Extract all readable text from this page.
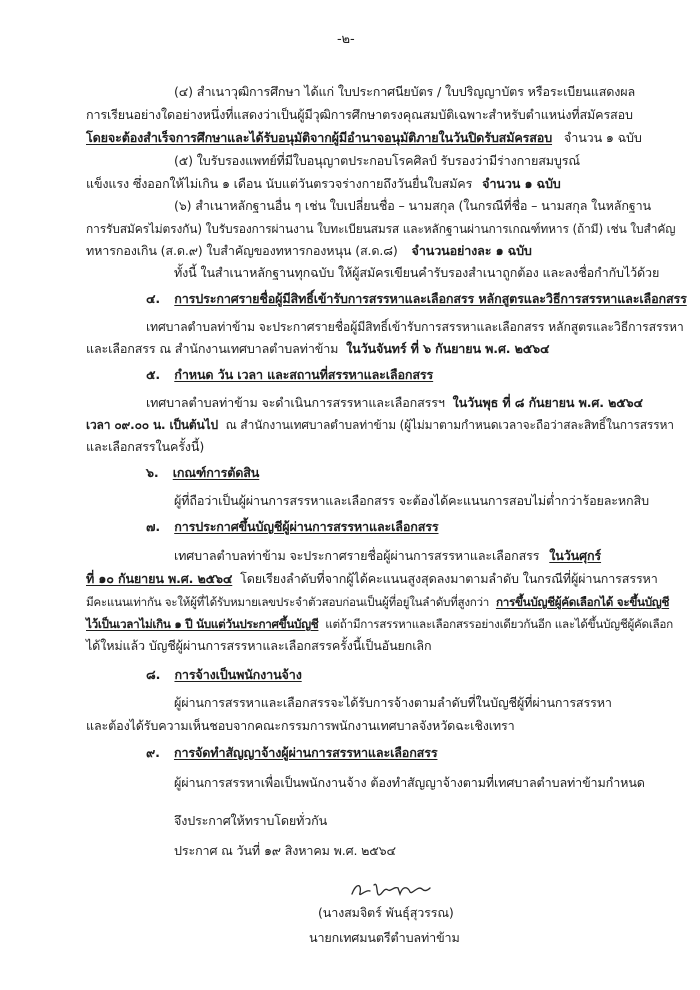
-๒-
(๔) สำเนาวุฒิการศึกษา ได้แก่ ใบประกาศนียบัตร / ใบปริญญาบัตร หรือระเบียนแสดงผล
การเรียนอย่างใดอย่างหนึ่งที่แสดงว่าเป็นผู้มีวุฒิการศึกษาตรงคุณสมบัติเฉพาะสำหรับตำแหน่งที่สมัครสอบ
โดยจะต้องสำเร็จการศึกษาและได้รับอนุมัติจากผู้มีอำนาจอนุมัติภายในวันปิดรับสมัครสอบ จำนวน ๑ ฉบับ
(๕) ใบรับรองแพทย์ที่มีใบอนุญาตประกอบโรคศิลป์ รับรองว่ามีร่างกายสมบูรณ์
แข็งแรง ซึ่งออกให้ไม่เกิน ๑ เดือน นับแต่วันตรวจร่างกายถึงวันยื่นใบสมัคร จำนวน ๑ ฉบับ
(๖) สำเนาหลักฐานอื่น ๆ เช่น ใบเปลี่ยนชื่อ – นามสกุล (ในกรณีที่ชื่อ – นามสกุล ในหลักฐาน
การรับสมัครไม่ตรงกัน) ใบรับรองการผ่านงาน ใบทะเบียนสมรส และหลักฐานผ่านการเกณฑ์ทหาร (ถ้ามี) เช่น ใบสำคัญ
ทหารกองเกิน (ส.ด.๙) ใบสำคัญของทหารกองหนุน (ส.ด.๘) จำนวนอย่างละ ๑ ฉบับ
ทั้งนี้ ในสำเนาหลักฐานทุกฉบับ ให้ผู้สมัครเขียนคำรับรองสำเนาถูกต้อง และลงชื่อกำกับไว้ด้วย
๔. การประกาศรายชื่อผู้มีสิทธิ์เข้ารับการสรรหาและเลือกสรร หลักสูตรและวิธีการสรรหาและเลือกสรร
เทศบาลตำบลท่าข้าม จะประกาศรายชื่อผู้มีสิทธิ์เข้ารับการสรรหาและเลือกสรร หลักสูตรและวิธีการสรรหา
และเลือกสรร ณ สำนักงานเทศบาลตำบลท่าข้าม ในวันจันทร์ ที่ ๖ กันยายน พ.ศ. ๒๕๖๔
๕. กำหนด วัน เวลา และสถานที่สรรหาและเลือกสรร
เทศบาลตำบลท่าข้าม จะดำเนินการสรรหาและเลือกสรรฯ ในวันพุธ ที่ ๘ กันยายน พ.ศ. ๒๕๖๔
เวลา ๐๙.๐๐ น. เป็นต้นไป ณ สำนักงานเทศบาลตำบลท่าข้าม (ผู้ไม่มาตามกำหนดเวลาจะถือว่าสละสิทธิ์ในการสรรหา
และเลือกสรรในครั้งนี้)
๖. เกณฑ์การตัดสิน
ผู้ที่ถือว่าเป็นผู้ผ่านการสรรหาและเลือกสรร จะต้องได้คะแนนการสอบไม่ต่ำกว่าร้อยละหกสิบ
๗. การประกาศขึ้นบัญชีผู้ผ่านการสรรหาและเลือกสรร
เทศบาลตำบลท่าข้าม จะประกาศรายชื่อผู้ผ่านการสรรหาและเลือกสรร ในวันศุกร์
ที่ ๑๐ กันยายน พ.ศ. ๒๕๖๔ โดยเรียงลำดับที่จากผู้ได้คะแนนสูงสุดลงมาตามลำดับ ในกรณีที่ผู้ผ่านการสรรหา
มีคะแนนเท่ากัน จะให้ผู้ที่ได้รับหมายเลขประจำตัวสอบก่อนเป็นผู้ที่อยู่ในลำดับที่สูงกว่า การขึ้นบัญชีผู้คัดเลือกได้ จะขึ้นบัญชี
ไว้เป็นเวลาไม่เกิน ๑ ปี นับแต่วันประกาศขึ้นบัญชี แต่ถ้ามีการสรรหาและเลือกสรรอย่างเดียวกันอีก และได้ขึ้นบัญชีผู้คัดเลือก
ได้ใหม่แล้ว บัญชีผู้ผ่านการสรรหาและเลือกสรรครั้งนี้เป็นอันยกเลิก
๘. การจ้างเป็นพนักงานจ้าง
ผู้ผ่านการสรรหาและเลือกสรรจะได้รับการจ้างตามลำดับที่ในบัญชีผู้ที่ผ่านการสรรหา
และต้องได้รับความเห็นชอบจากคณะกรรมการพนักงานเทศบาลจังหวัดฉะเชิงเทรา
๙. การจัดทำสัญญาจ้างผู้ผ่านการสรรหาและเลือกสรร
ผู้ผ่านการสรรหาเพื่อเป็นพนักงานจ้าง ต้องทำสัญญาจ้างตามที่เทศบาลตำบลท่าข้ามกำหนด
จึงประกาศให้ทราบโดยทั่วกัน
ประกาศ ณ วันที่ ๑๙ สิงหาคม พ.ศ. ๒๕๖๔
(นางสมจิตร์ พันธุ์สุวรรณ)
นายกเทศมนตรีตำบลท่าข้าม
